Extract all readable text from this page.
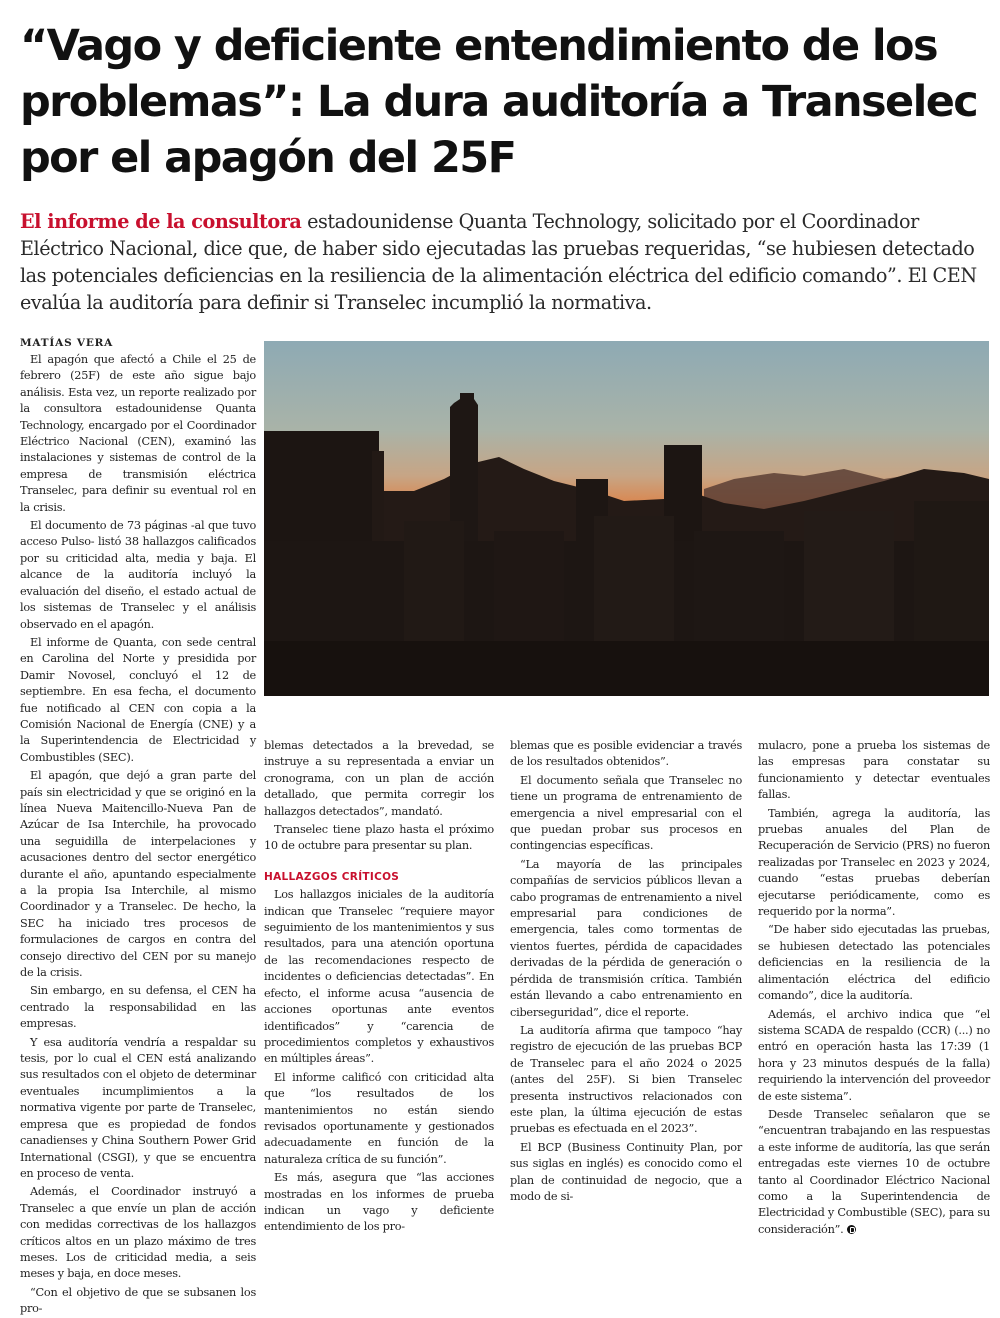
“Vago y deficiente entendimiento de los problemas”: La dura auditoría a Transelec por el apagón del 25F
El informe de la consultora estadounidense Quanta Technology, solicitado por el Coordinador Eléctrico Nacional, dice que, de haber sido ejecutadas las pruebas requeridas, “se hubiesen detectado las potenciales deficiencias en la resiliencia de la alimentación eléctrica del edificio comando”. El CEN evalúa la auditoría para definir si Transelec incumplió la normativa.
MATÍAS VERA

El apagón que afectó a Chile el 25 de febrero (25F) de este año sigue bajo análisis. Esta vez, un reporte realizado por la consultora estadounidense Quanta Technology, encargado por el Coordinador Eléctrico Nacional (CEN), examinó las instalaciones y sistemas de control de la empresa de transmisión eléctrica Transelec, para definir su eventual rol en la crisis.

El documento de 73 páginas -al que tuvo acceso Pulso- listó 38 hallazgos calificados por su criticidad alta, media y baja. El alcance de la auditoría incluyó la evaluación del diseño, el estado actual de los sistemas de Transelec y el análisis observado en el apagón.

El informe de Quanta, con sede central en Carolina del Norte y presidida por Damir Novosel, concluyó el 12 de septiembre. En esa fecha, el documento fue notificado al CEN con copia a la Comisión Nacional de Energía (CNE) y a la Superintendencia de Electricidad y Combustibles (SEC).

El apagón, que dejó a gran parte del país sin electricidad y que se originó en la línea Nueva Maitencillo-Nueva Pan de Azúcar de Isa Interchile, ha provocado una seguidilla de interpelaciones y acusaciones dentro del sector energético durante el año, apuntando especialmente a la propia Isa Interchile, al mismo Coordinador y a Transelec. De hecho, la SEC ha iniciado tres procesos de formulaciones de cargos en contra del consejo directivo del CEN por su manejo de la crisis.

Sin embargo, en su defensa, el CEN ha centrado la responsabilidad en las empresas.

Y esa auditoría vendría a respaldar su tesis, por lo cual el CEN está analizando sus resultados con el objeto de determinar eventuales incumplimientos a la normativa vigente por parte de Transelec, empresa que es propiedad de fondos canadienses y China Southern Power Grid International (CSGI), y que se encuentra en proceso de venta.

Además, el Coordinador instruyó a Transelec a que envíe un plan de acción con medidas correctivas de los hallazgos críticos altos en un plazo máximo de tres meses. Los de criticidad media, a seis meses y baja, en doce meses.

“Con el objetivo de que se subsanen los pro-

blemas detectados a la brevedad, se instruye a su representada a enviar un cronograma, con un plan de acción detallado, que permita corregir los hallazgos detectados”, mandató.

Transelec tiene plazo hasta el próximo 10 de octubre para presentar su plan.

HALLAZGOS CRÍTICOS

Los hallazgos iniciales de la auditoría indican que Transelec “requiere mayor seguimiento de los mantenimientos y sus resultados, para una atención oportuna de las recomendaciones respecto de incidentes o deficiencias detectadas”. En efecto, el informe acusa “ausencia de acciones oportunas ante eventos identificados” y “carencia de procedimientos completos y exhaustivos en múltiples áreas”.

El informe calificó con criticidad alta que “los resultados de los mantenimientos no están siendo revisados oportunamente y gestionados adecuadamente en función de la naturaleza crítica de su función”.

Es más, asegura que “las acciones mostradas en los informes de prueba indican un vago y deficiente entendimiento de los pro-

blemas que es posible evidenciar a través de los resultados obtenidos”.

El documento señala que Transelec no tiene un programa de entrenamiento de emergencia a nivel empresarial con el que puedan probar sus procesos en contingencias específicas.

“La mayoría de las principales compañías de servicios públicos llevan a cabo programas de entrenamiento a nivel empresarial para condiciones de emergencia, tales como tormentas de vientos fuertes, pérdida de capacidades derivadas de la pérdida de generación o pérdida de transmisión crítica. También están llevando a cabo entrenamiento en ciberseguridad”, dice el reporte.

La auditoría afirma que tampoco “hay registro de ejecución de las pruebas BCP de Transelec para el año 2024 o 2025 (antes del 25F). Si bien Transelec presenta instructivos relacionados con este plan, la última ejecución de estas pruebas es efectuada en el 2023”.

El BCP (Business Continuity Plan, por sus siglas en inglés) es conocido como el plan de continuidad de negocio, que a modo de si-

mulacro, pone a prueba los sistemas de las empresas para constatar su funcionamiento y detectar eventuales fallas.

También, agrega la auditoría, las pruebas anuales del Plan de Recuperación de Servicio (PRS) no fueron realizadas por Transelec en 2023 y 2024, cuando “estas pruebas deberían ejecutarse periódicamente, como es requerido por la norma”.

“De haber sido ejecutadas las pruebas, se hubiesen detectado las potenciales deficiencias en la resiliencia de la alimentación eléctrica del edificio comando”, dice la auditoría.

Además, el archivo indica que “el sistema SCADA de respaldo (CCR) (...) no entró en operación hasta las 17:39 (1 hora y 23 minutos después de la falla) requiriendo la intervención del proveedor de este sistema”.

Desde Transelec señalaron que se “encuentran trabajando en las respuestas a este informe de auditoría, las que serán entregadas este viernes 10 de octubre tanto al Coordinador Eléctrico Nacional como a la Superintendencia de Electricidad y Combustible (SEC), para su consideración”.
